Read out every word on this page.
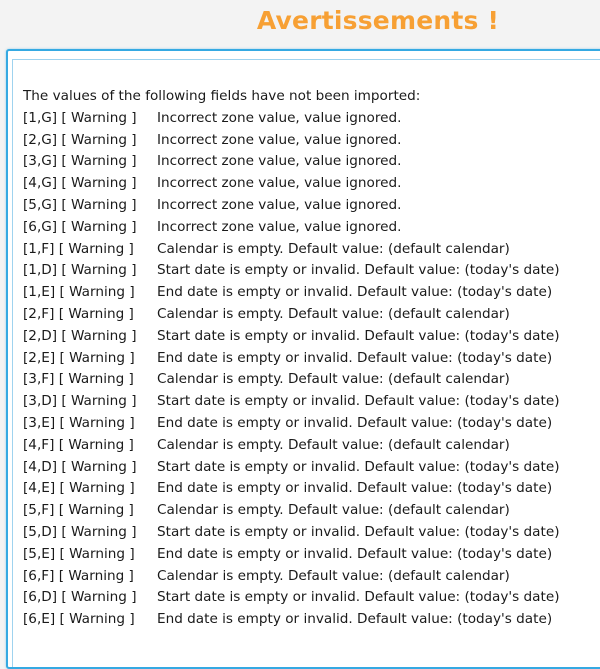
Avertissements !
The values of the following fields have not been imported:
[1,G] [ Warning ] Incorrect zone value, value ignored.
[2,G] [ Warning ] Incorrect zone value, value ignored.
[3,G] [ Warning ] Incorrect zone value, value ignored.
[4,G] [ Warning ] Incorrect zone value, value ignored.
[5,G] [ Warning ] Incorrect zone value, value ignored.
[6,G] [ Warning ] Incorrect zone value, value ignored.
[1,F] [ Warning ] Calendar is empty. Default value: (default calendar)
[1,D] [ Warning ] Start date is empty or invalid. Default value: (today's date)
[1,E] [ Warning ] End date is empty or invalid. Default value: (today's date)
[2,F] [ Warning ] Calendar is empty. Default value: (default calendar)
[2,D] [ Warning ] Start date is empty or invalid. Default value: (today's date)
[2,E] [ Warning ] End date is empty or invalid. Default value: (today's date)
[3,F] [ Warning ] Calendar is empty. Default value: (default calendar)
[3,D] [ Warning ] Start date is empty or invalid. Default value: (today's date)
[3,E] [ Warning ] End date is empty or invalid. Default value: (today's date)
[4,F] [ Warning ] Calendar is empty. Default value: (default calendar)
[4,D] [ Warning ] Start date is empty or invalid. Default value: (today's date)
[4,E] [ Warning ] End date is empty or invalid. Default value: (today's date)
[5,F] [ Warning ] Calendar is empty. Default value: (default calendar)
[5,D] [ Warning ] Start date is empty or invalid. Default value: (today's date)
[5,E] [ Warning ] End date is empty or invalid. Default value: (today's date)
[6,F] [ Warning ] Calendar is empty. Default value: (default calendar)
[6,D] [ Warning ] Start date is empty or invalid. Default value: (today's date)
[6,E] [ Warning ] End date is empty or invalid. Default value: (today's date)
